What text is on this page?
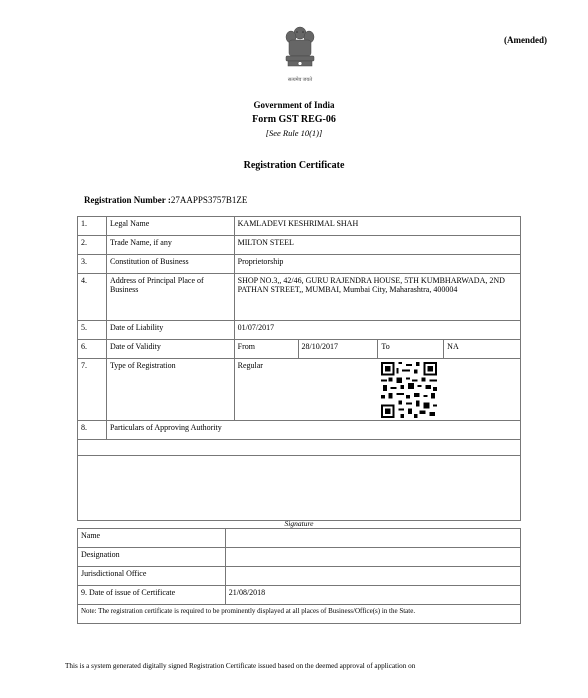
(Amended)
सत्यमेव जयते
Government of India
Form GST REG-06
[See Rule 10(1)]
Registration Certificate
Registration Number :27AAPPS3757B1ZE
1.	Legal Name	KAMLADEVI KESHRIMAL SHAH			
2.	Trade Name, if any	MILTON STEEL			
3.	Constitution of Business	Proprietorship			
4.	Address of Principal Place of Business	SHOP NO.3,, 42/46, GURU RAJENDRA HOUSE, 5TH KUMBHARWADA, 2ND PATHAN STREET,, MUMBAI, Mumbai City, Maharashtra, 400004			
5.	Date of Liability	01/07/2017			
6.	Date of Validity	From	28/10/2017	To	NA
7.	Type of Registration	Regular			

8.	Particulars of Approving Authority				

Signature
Name	
Designation	
Jurisdictional Office	
9. Date of issue of Certificate	21/08/2018
Note: The registration certificate is required to be prominently displayed at all places of Business/Office(s) in the State.	
This is a system generated digitally signed Registration Certificate issued based on the deemed approval of application on
